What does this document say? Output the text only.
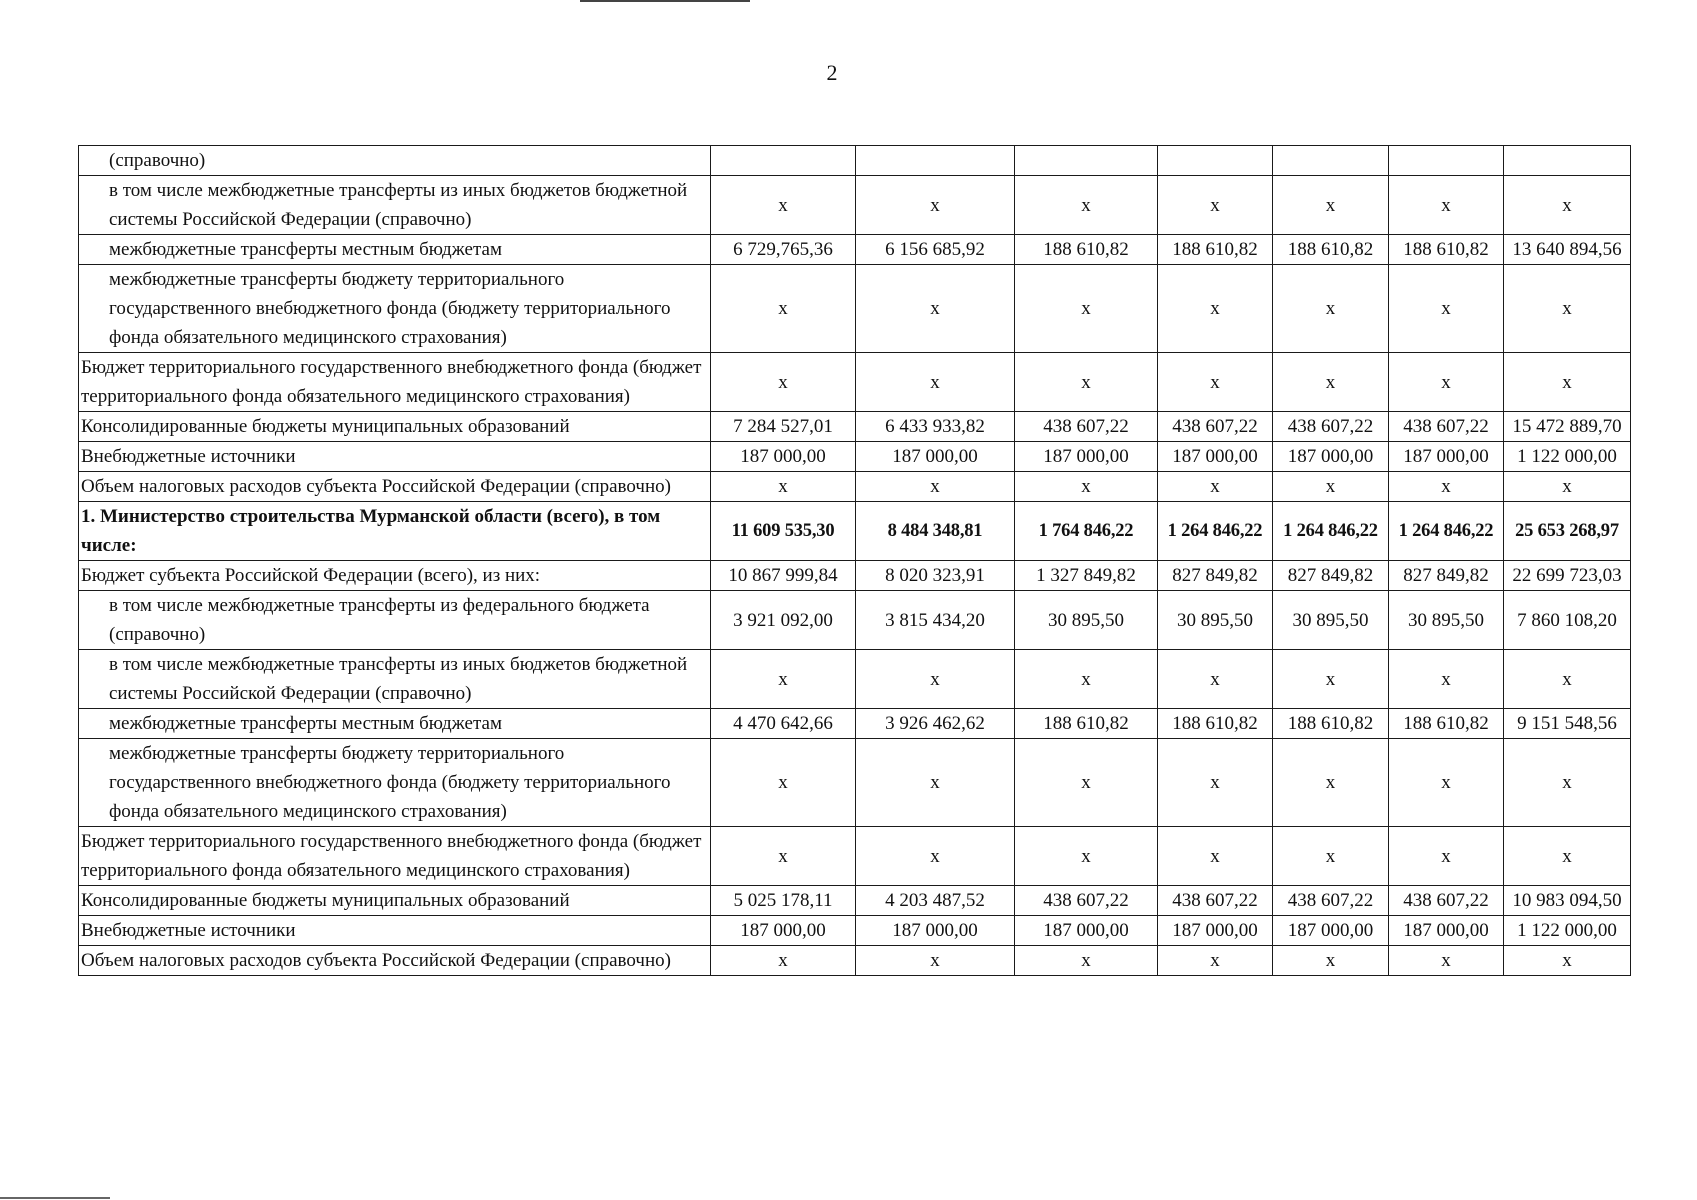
2
(справочно)							
в том числе межбюджетные трансферты из иных бюджетов бюджетной системы Российской Федерации (справочно)	х	х	х	х	х	х	х
межбюджетные трансферты местным бюджетам	6 729,765,36	6 156 685,92	188 610,82	188 610,82	188 610,82	188 610,82	13 640 894,56
межбюджетные трансферты бюджету территориального государственного внебюджетного фонда (бюджету территориального фонда обязательного медицинского страхования)	х	х	х	х	х	х	х
Бюджет территориального государственного внебюджетного фонда (бюджет территориального фонда обязательного медицинского страхования)	х	х	х	х	х	х	х
Консолидированные бюджеты муниципальных образований	7 284 527,01	6 433 933,82	438 607,22	438 607,22	438 607,22	438 607,22	15 472 889,70
Внебюджетные источники	187 000,00	187 000,00	187 000,00	187 000,00	187 000,00	187 000,00	1 122 000,00
Объем налоговых расходов субъекта Российской Федерации (справочно)	х	х	х	х	х	х	х
1. Министерство строительства Мурманской области (всего), в том числе:	11 609 535,30	8 484 348,81	1 764 846,22	1 264 846,22	1 264 846,22	1 264 846,22	25 653 268,97
Бюджет субъекта Российской Федерации (всего), из них:	10 867 999,84	8 020 323,91	1 327 849,82	827 849,82	827 849,82	827 849,82	22 699 723,03
в том числе межбюджетные трансферты из федерального бюджета (справочно)	3 921 092,00	3 815 434,20	30 895,50	30 895,50	30 895,50	30 895,50	7 860 108,20
в том числе межбюджетные трансферты из иных бюджетов бюджетной системы Российской Федерации (справочно)	х	х	х	х	х	х	х
межбюджетные трансферты местным бюджетам	4 470 642,66	3 926 462,62	188 610,82	188 610,82	188 610,82	188 610,82	9 151 548,56
межбюджетные трансферты бюджету территориального государственного внебюджетного фонда (бюджету территориального фонда обязательного медицинского страхования)	х	х	х	х	х	х	х
Бюджет территориального государственного внебюджетного фонда (бюджет территориального фонда обязательного медицинского страхования)	х	х	х	х	х	х	х
Консолидированные бюджеты муниципальных образований	5 025 178,11	4 203 487,52	438 607,22	438 607,22	438 607,22	438 607,22	10 983 094,50
Внебюджетные источники	187 000,00	187 000,00	187 000,00	187 000,00	187 000,00	187 000,00	1 122 000,00
Объем налоговых расходов субъекта Российской Федерации (справочно)	х	х	х	х	х	х	х
